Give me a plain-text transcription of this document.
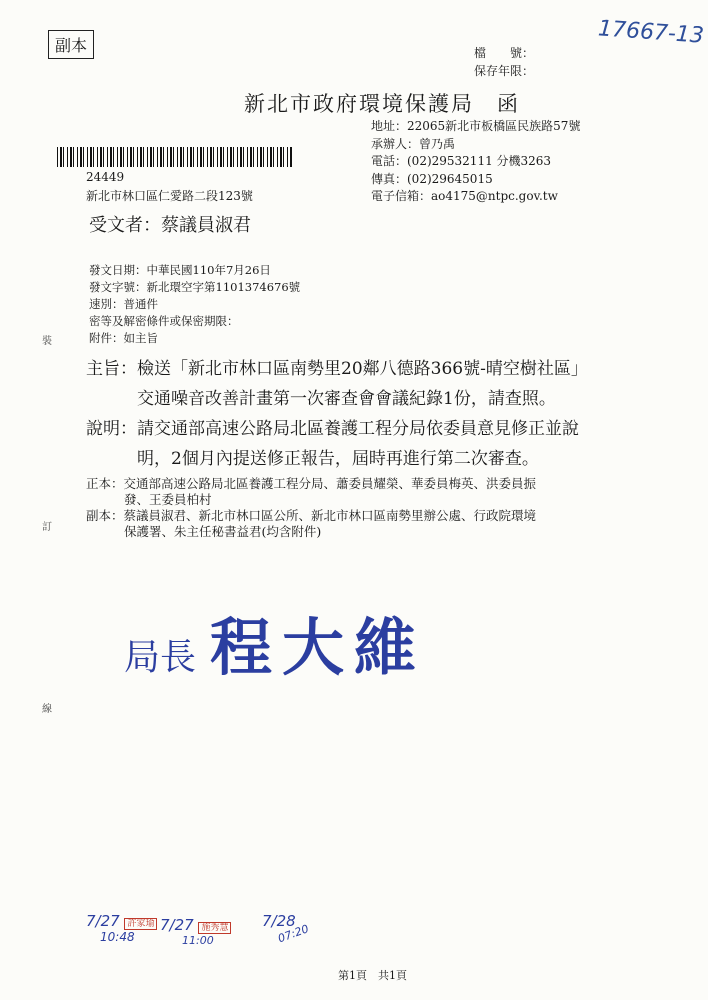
副本	17667-13
檔　　號：
保存年限：
新北市政府環境保護局　函
地址：22065新北市板橋區民族路57號
承辦人：曾乃禹
電話：(02)29532111 分機3263
傳真：(02)29645015
電子信箱：ao4175@ntpc.gov.tw
24449
新北市林口區仁愛路二段123號
受文者：蔡議員淑君
發文日期：中華民國110年7月26日
發文字號：新北環空字第1101374676號
速別：普通件
密等及解密條件或保密期限：
附件：如主旨
裝
訂
線
主旨：檢送「新北市林口區南勢里20鄰八德路366號-晴空樹社區」
交通噪音改善計畫第一次審查會會議紀錄1份，請查照。
說明：請交通部高速公路局北區養護工程分局依委員意見修正並說
明，2個月內提送修正報告，屆時再進行第二次審查。
正本：交通部高速公路局北區養護工程分局、蕭委員耀榮、華委員梅英、洪委員振
發、王委員柏村
副本：蔡議員淑君、新北市林口區公所、新北市林口區南勢里辦公處、行政院環境
保護署、朱主任秘書益君(均含附件)
局長 程大維
7/27 許家瑜
10:48
7/27 施秀慧
11:00
7/28
07:20
第1頁　共1頁
